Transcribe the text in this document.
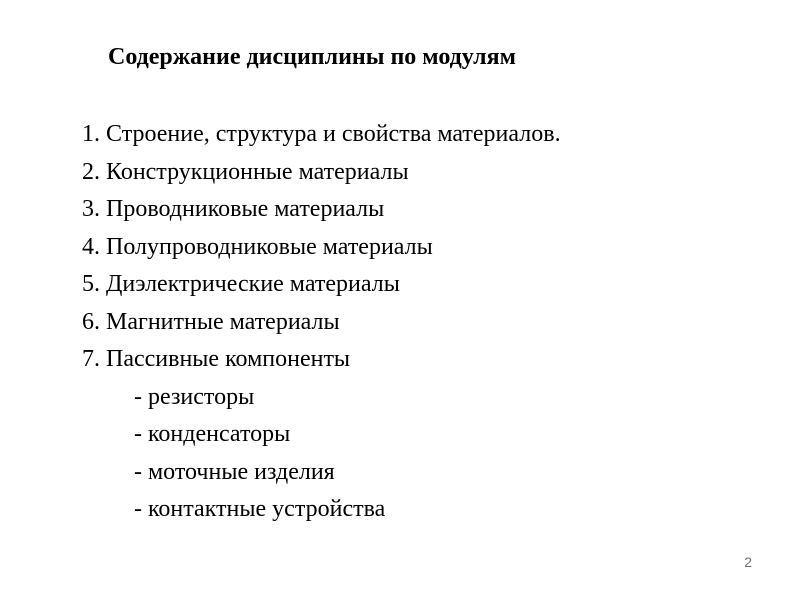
Содержание дисциплины по модулям
1. Строение, структура и свойства материалов.
2. Конструкционные материалы
3. Проводниковые материалы
4. Полупроводниковые материалы
5. Диэлектрические материалы
6. Магнитные материалы
7. Пассивные компоненты
- резисторы
- конденсаторы
- моточные изделия
- контактные устройства
2
